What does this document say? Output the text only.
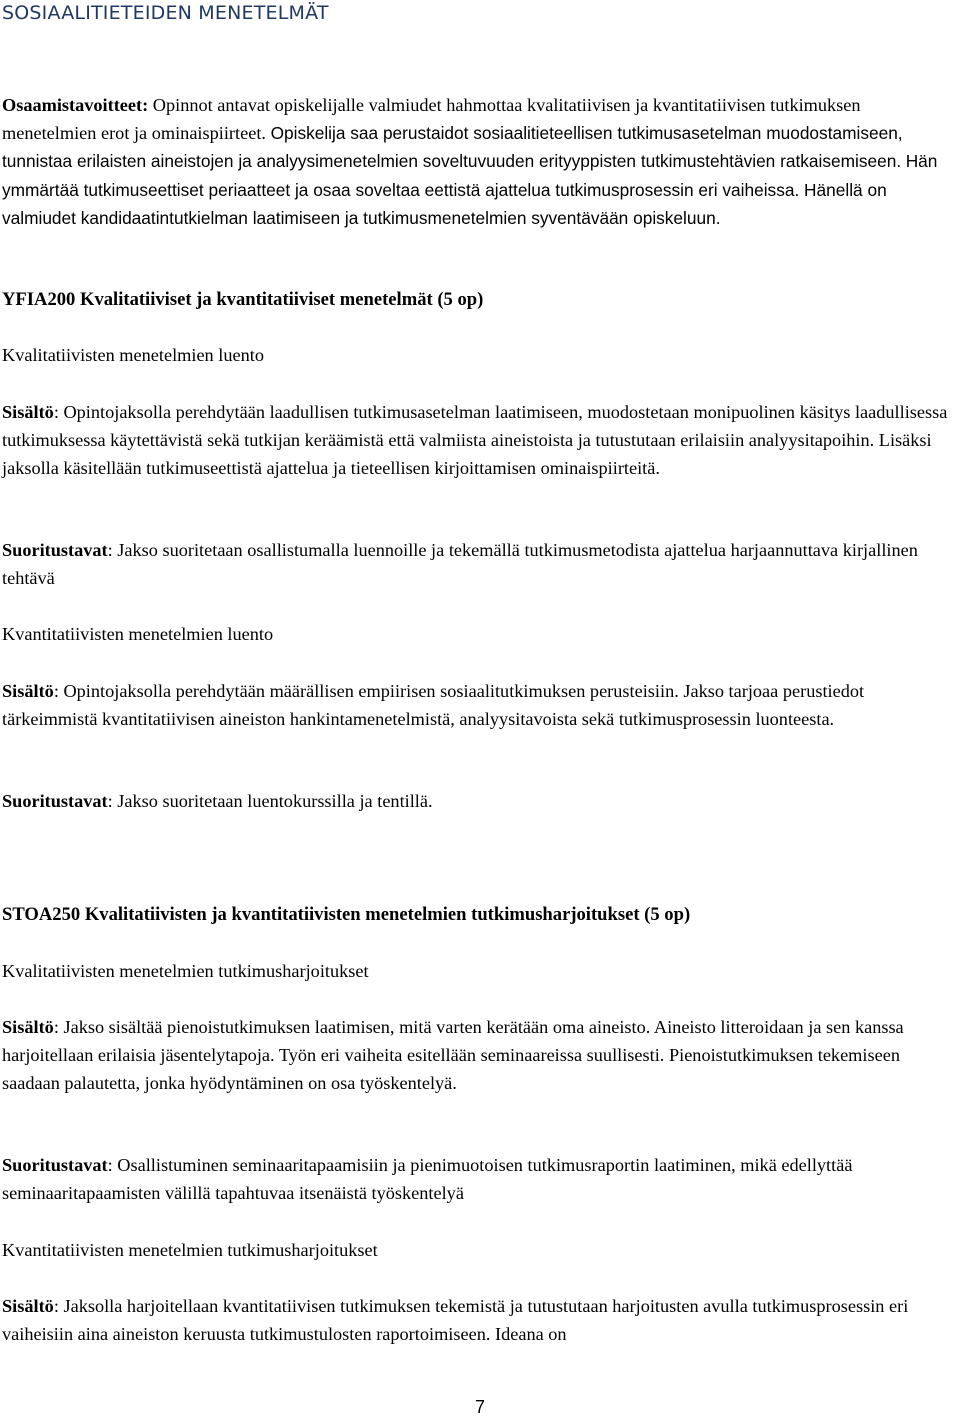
SOSIAALITIETEIDEN MENETELMÄT

Osaamistavoitteet: Opinnot antavat opiskelijalle valmiudet hahmottaa kvalitatiivisen ja kvantitatiivisen tutkimuksen menetelmien erot ja ominaispiirteet. Opiskelija saa perustaidot sosiaalitieteellisen tutkimusasetelman muodostamiseen, tunnistaa erilaisten aineistojen ja analyysimenetelmien soveltuvuuden erityyppisten tutkimustehtävien ratkaisemiseen. Hän ymmärtää tutkimuseettiset periaatteet ja osaa soveltaa eettistä ajattelua tutkimusprosessin eri vaiheissa. Hänellä on valmiudet kandidaatintutkielman laatimiseen ja tutkimusmenetelmien syventävään opiskeluun.

YFIA200 Kvalitatiiviset ja kvantitatiiviset menetelmät (5 op)

Kvalitatiivisten menetelmien luento

Sisältö: Opintojaksolla perehdytään laadullisen tutkimusasetelman laatimiseen, muodostetaan monipuolinen käsitys laadullisessa tutkimuksessa käytettävistä sekä tutkijan keräämistä että valmiista aineistoista ja tutustutaan erilaisiin analyysitapoihin. Lisäksi jaksolla käsitellään tutkimuseettistä ajattelua ja tieteellisen kirjoittamisen ominaispiirteitä.

Suoritustavat: Jakso suoritetaan osallistumalla luennoille ja tekemällä tutkimusmetodista ajattelua harjaannuttava kirjallinen tehtävä

Kvantitatiivisten menetelmien luento

Sisältö: Opintojaksolla perehdytään määrällisen empiirisen sosiaalitutkimuksen perusteisiin. Jakso tarjoaa perustiedot tärkeimmistä kvantitatiivisen aineiston hankintamenetelmistä, analyysitavoista sekä tutkimusprosessin luonteesta.

Suoritustavat: Jakso suoritetaan luentokurssilla ja tentillä.

STOA250 Kvalitatiivisten ja kvantitatiivisten menetelmien tutkimusharjoitukset (5 op)

Kvalitatiivisten menetelmien tutkimusharjoitukset

Sisältö: Jakso sisältää pienoistutkimuksen laatimisen, mitä varten kerätään oma aineisto. Aineisto litteroidaan ja sen kanssa harjoitellaan erilaisia jäsentelytapoja. Työn eri vaiheita esitellään seminaareissa suullisesti. Pienoistutkimuksen tekemiseen saadaan palautetta, jonka hyödyntäminen on osa työskentelyä.

Suoritustavat: Osallistuminen seminaaritapaamisiin ja pienimuotoisen tutkimusraportin laatiminen, mikä edellyttää seminaaritapaamisten välillä tapahtuvaa itsenäistä työskentelyä

Kvantitatiivisten menetelmien tutkimusharjoitukset

Sisältö: Jaksolla harjoitellaan kvantitatiivisen tutkimuksen tekemistä ja tutustutaan harjoitusten avulla tutkimusprosessin eri vaiheisiin aina aineiston keruusta tutkimustulosten raportoimiseen. Ideana on

7
